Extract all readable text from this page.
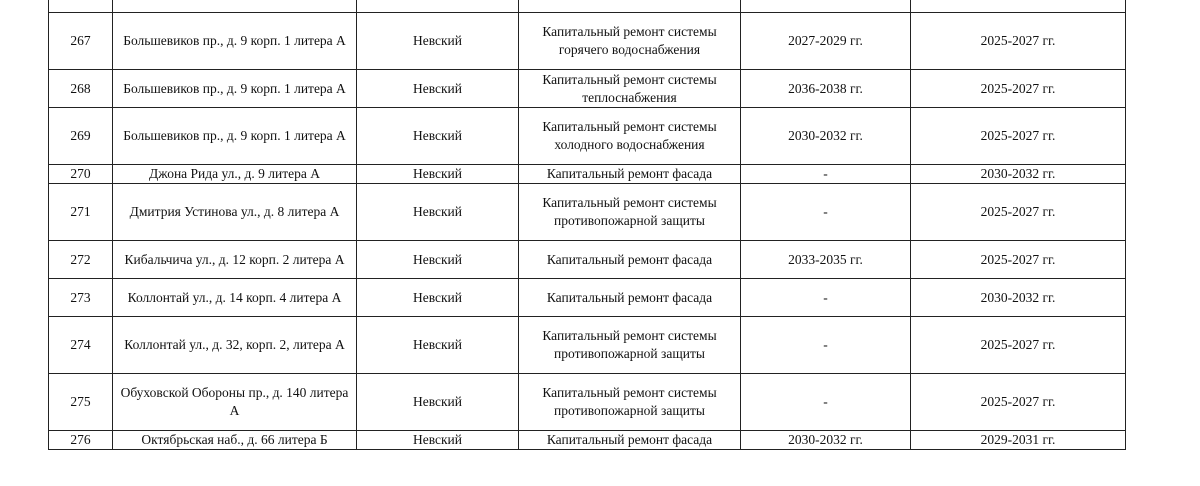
267	Большевиков пр., д. 9 корп. 1 литера А	Невский	Капитальный ремонт системы горячего водоснабжения	2027-2029 гг.	2025-2027 гг.
268	Большевиков пр., д. 9 корп. 1 литера А	Невский	Капитальный ремонт системы теплоснабжения	2036-2038 гг.	2025-2027 гг.
269	Большевиков пр., д. 9 корп. 1 литера А	Невский	Капитальный ремонт системы холодного водоснабжения	2030-2032 гг.	2025-2027 гг.
270	Джона Рида ул., д. 9 литера А	Невский	Капитальный ремонт фасада	-	2030-2032 гг.
271	Дмитрия Устинова ул., д. 8 литера А	Невский	Капитальный ремонт системы противопожарной защиты	-	2025-2027 гг.
272	Кибальчича ул., д. 12 корп. 2 литера А	Невский	Капитальный ремонт фасада	2033-2035 гг.	2025-2027 гг.
273	Коллонтай ул., д. 14 корп. 4 литера А	Невский	Капитальный ремонт фасада	-	2030-2032 гг.
274	Коллонтай ул., д. 32, корп. 2, литера А	Невский	Капитальный ремонт системы противопожарной защиты	-	2025-2027 гг.
275	Обуховской Обороны пр., д. 140 литера А	Невский	Капитальный ремонт системы противопожарной защиты	-	2025-2027 гг.
276	Октябрьская наб., д. 66 литера Б	Невский	Капитальный ремонт фасада	2030-2032 гг.	2029-2031 гг.
